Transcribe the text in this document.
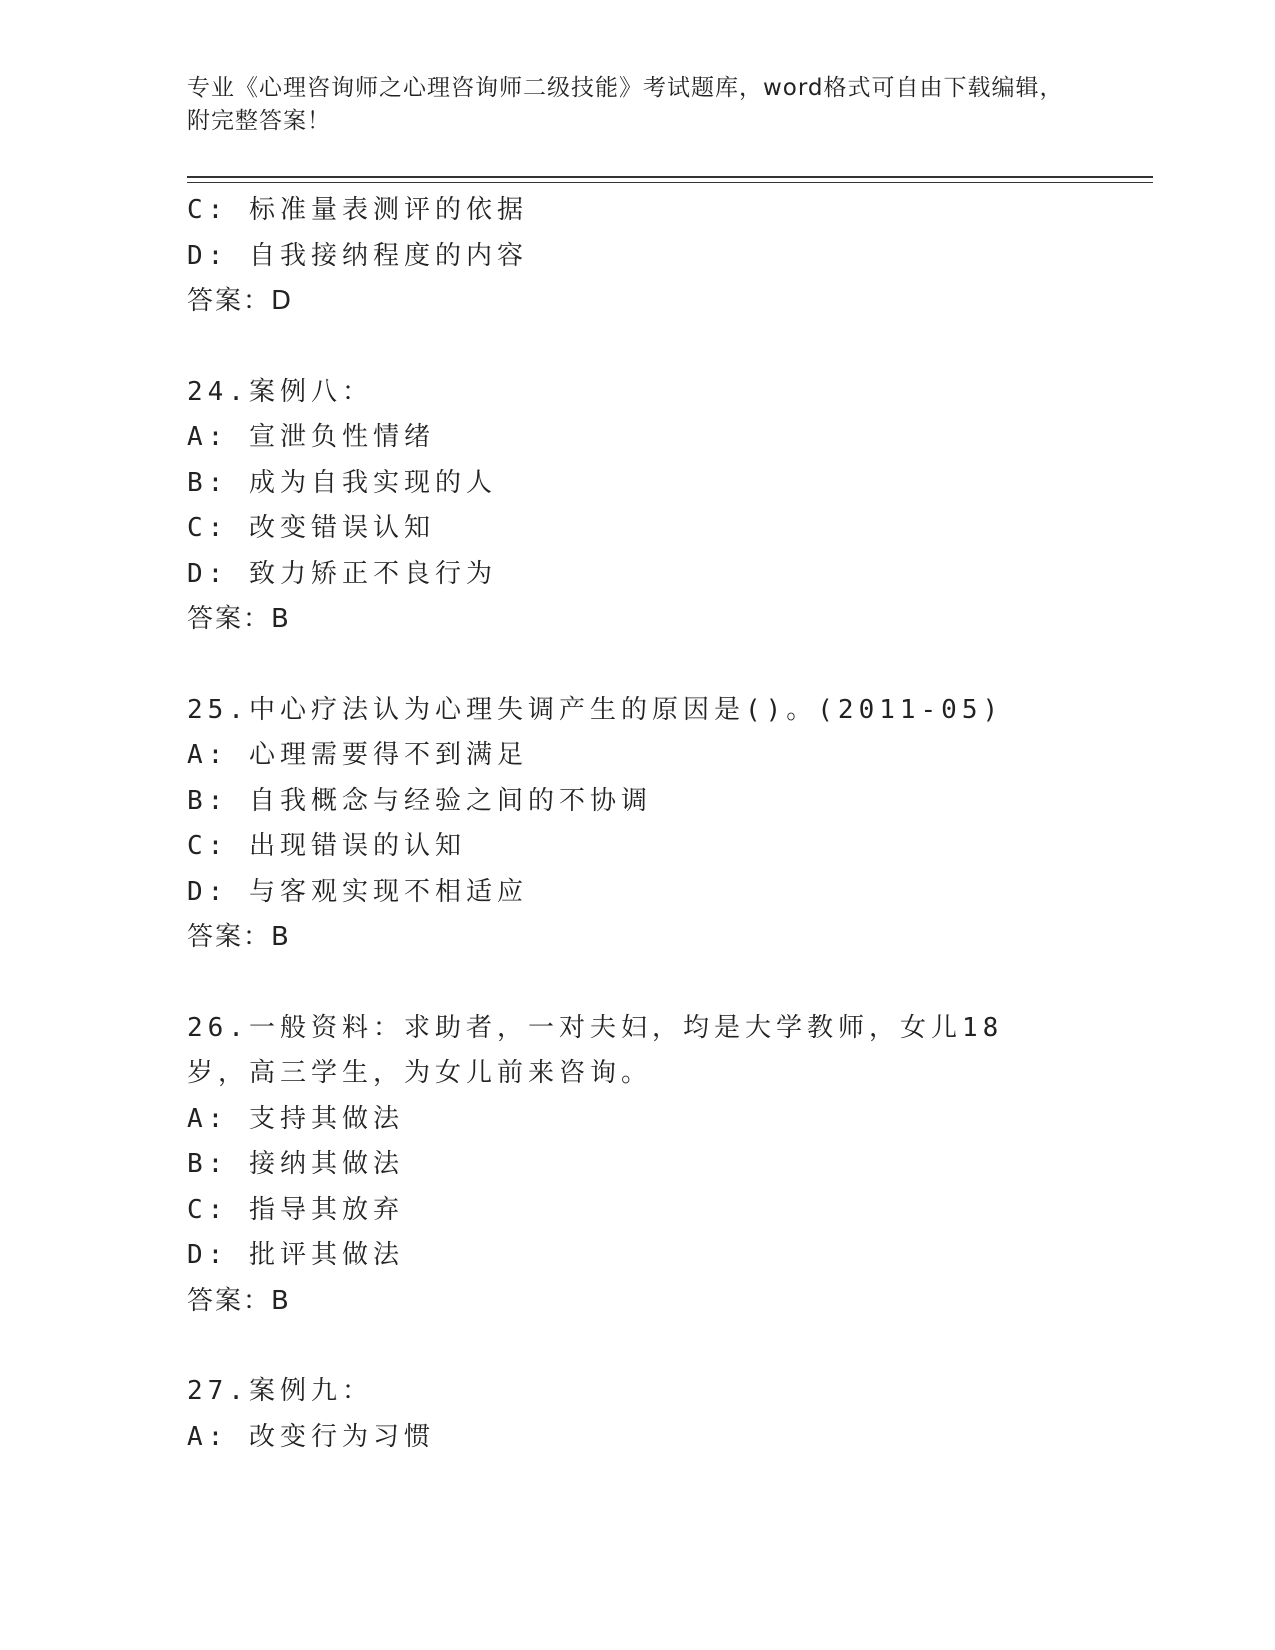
专业《心理咨询师之心理咨询师二级技能》考试题库，word格式可自由下载编辑，附完整答案！
C: 标准量表测评的依据
D: 自我接纳程度的内容
答案：D
24.案例八：
A: 宣泄负性情绪
B: 成为自我实现的人
C: 改变错误认知
D: 致力矫正不良行为
答案：B
25.中心疗法认为心理失调产生的原因是()。(2011-05)
A: 心理需要得不到满足
B: 自我概念与经验之间的不协调
C: 出现错误的认知
D: 与客观实现不相适应
答案：B
26.一般资料：求助者，一对夫妇，均是大学教师，女儿18岁，高三学生，为女儿前来咨询。
A: 支持其做法
B: 接纳其做法
C: 指导其放弃
D: 批评其做法
答案：B
27.案例九：
A: 改变行为习惯
